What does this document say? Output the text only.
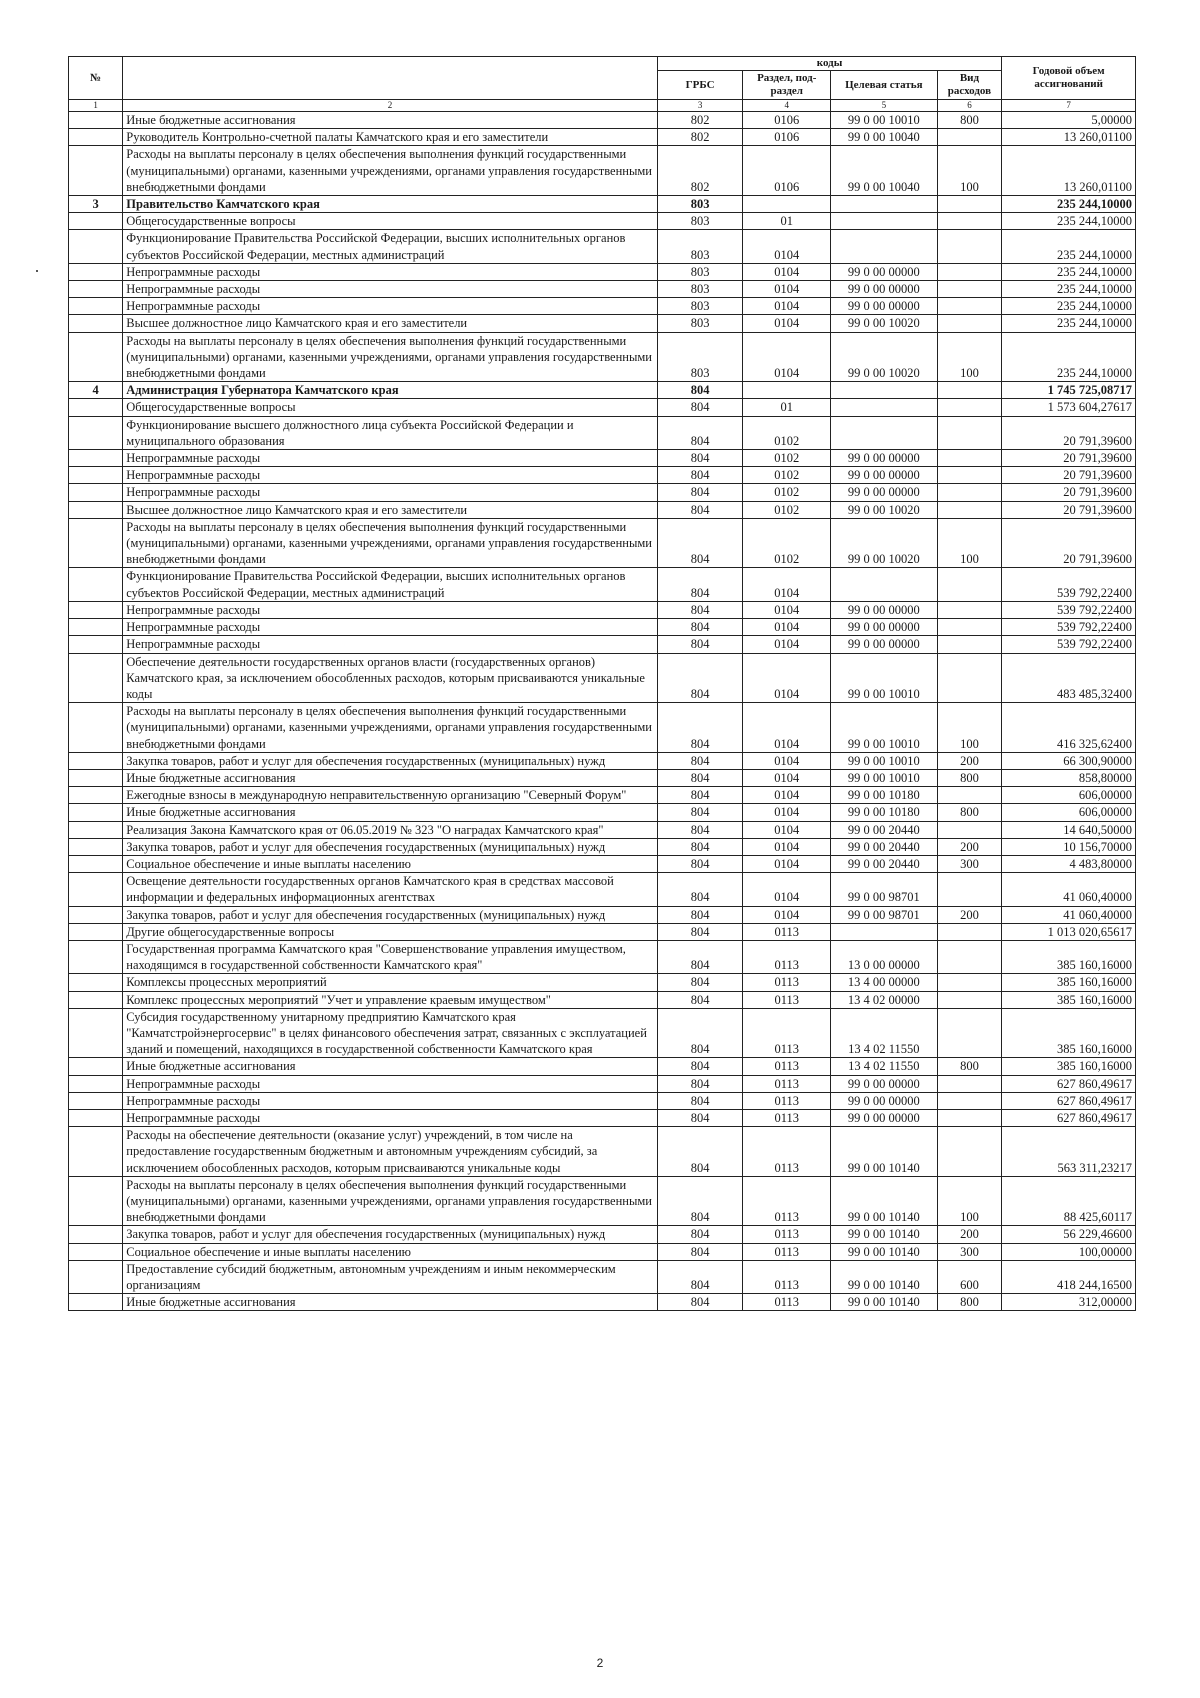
№		коды				Годовой объем ассигнований
		ГРБС	Раздел, под-раздел	Целевая статья	Вид расходов	
1	2	3	4	5	6	7
	Иные бюджетные ассигнования	802	0106	99 0 00 10010	800	5,00000
	Руководитель Контрольно-счетной палаты Камчатского края и его заместители	802	0106	99 0 00 10040		13 260,01100
	Расходы на выплаты персоналу в целях обеспечения выполнения функций государственными (муниципальными) органами, казенными учреждениями, органами управления государственными внебюджетными фондами	802	0106	99 0 00 10040	100	13 260,01100
3	Правительство Камчатского края	803				235 244,10000
	Общегосударственные вопросы	803	01			235 244,10000
	Функционирование Правительства Российской Федерации, высших исполнительных органов субъектов Российской Федерации, местных администраций	803	0104			235 244,10000
	Непрограммные расходы	803	0104	99 0 00 00000		235 244,10000
	Непрограммные расходы	803	0104	99 0 00 00000		235 244,10000
	Непрограммные расходы	803	0104	99 0 00 00000		235 244,10000
	Высшее должностное лицо Камчатского края и его заместители	803	0104	99 0 00 10020		235 244,10000
	Расходы на выплаты персоналу в целях обеспечения выполнения функций государственными (муниципальными) органами, казенными учреждениями, органами управления государственными внебюджетными фондами	803	0104	99 0 00 10020	100	235 244,10000
4	Администрация Губернатора Камчатского края	804				1 745 725,08717
	Общегосударственные вопросы	804	01			1 573 604,27617
	Функционирование высшего должностного лица субъекта Российской Федерации и муниципального образования	804	0102			20 791,39600
	Непрограммные расходы	804	0102	99 0 00 00000		20 791,39600
	Непрограммные расходы	804	0102	99 0 00 00000		20 791,39600
	Непрограммные расходы	804	0102	99 0 00 00000		20 791,39600
	Высшее должностное лицо Камчатского края и его заместители	804	0102	99 0 00 10020		20 791,39600
	Расходы на выплаты персоналу в целях обеспечения выполнения функций государственными (муниципальными) органами, казенными учреждениями, органами управления государственными внебюджетными фондами	804	0102	99 0 00 10020	100	20 791,39600
	Функционирование Правительства Российской Федерации, высших исполнительных органов субъектов Российской Федерации, местных администраций	804	0104			539 792,22400
	Непрограммные расходы	804	0104	99 0 00 00000		539 792,22400
	Непрограммные расходы	804	0104	99 0 00 00000		539 792,22400
	Непрограммные расходы	804	0104	99 0 00 00000		539 792,22400
	Обеспечение деятельности государственных органов власти (государственных органов) Камчатского края, за исключением обособленных расходов, которым присваиваются уникальные коды	804	0104	99 0 00 10010		483 485,32400
	Расходы на выплаты персоналу в целях обеспечения выполнения функций государственными (муниципальными) органами, казенными учреждениями, органами управления государственными внебюджетными фондами	804	0104	99 0 00 10010	100	416 325,62400
	Закупка товаров, работ и услуг для обеспечения государственных (муниципальных) нужд	804	0104	99 0 00 10010	200	66 300,90000
	Иные бюджетные ассигнования	804	0104	99 0 00 10010	800	858,80000
	Ежегодные взносы в международную неправительственную организацию "Северный Форум"	804	0104	99 0 00 10180		606,00000
	Иные бюджетные ассигнования	804	0104	99 0 00 10180	800	606,00000
	Реализация Закона Камчатского края от 06.05.2019 № 323 "О наградах Камчатского края"	804	0104	99 0 00 20440		14 640,50000
	Закупка товаров, работ и услуг для обеспечения государственных (муниципальных) нужд	804	0104	99 0 00 20440	200	10 156,70000
	Социальное обеспечение и иные выплаты населению	804	0104	99 0 00 20440	300	4 483,80000
	Освещение деятельности государственных органов Камчатского края в средствах массовой информации и федеральных информационных агентствах	804	0104	99 0 00 98701		41 060,40000
	Закупка товаров, работ и услуг для обеспечения государственных (муниципальных) нужд	804	0104	99 0 00 98701	200	41 060,40000
	Другие общегосударственные вопросы	804	0113			1 013 020,65617
	Государственная программа Камчатского края "Совершенствование управления имуществом, находящимся в государственной собственности Камчатского края"	804	0113	13 0 00 00000		385 160,16000
	Комплексы процессных мероприятий	804	0113	13 4 00 00000		385 160,16000
	Комплекс процессных мероприятий "Учет и управление краевым имуществом"	804	0113	13 4 02 00000		385 160,16000
	Субсидия государственному унитарному предприятию Камчатского края "Камчатстройэнергосервис" в целях финансового обеспечения затрат, связанных с эксплуатацией зданий и помещений, находящихся в государственной собственности Камчатского края	804	0113	13 4 02 11550		385 160,16000
	Иные бюджетные ассигнования	804	0113	13 4 02 11550	800	385 160,16000
	Непрограммные расходы	804	0113	99 0 00 00000		627 860,49617
	Непрограммные расходы	804	0113	99 0 00 00000		627 860,49617
	Непрограммные расходы	804	0113	99 0 00 00000		627 860,49617
	Расходы на обеспечение деятельности (оказание услуг) учреждений, в том числе на предоставление государственным бюджетным и автономным учреждениям субсидий, за исключением обособленных расходов, которым присваиваются уникальные коды	804	0113	99 0 00 10140		563 311,23217
	Расходы на выплаты персоналу в целях обеспечения выполнения функций государственными (муниципальными) органами, казенными учреждениями, органами управления государственными внебюджетными фондами	804	0113	99 0 00 10140	100	88 425,60117
	Закупка товаров, работ и услуг для обеспечения государственных (муниципальных) нужд	804	0113	99 0 00 10140	200	56 229,46600
	Социальное обеспечение и иные выплаты населению	804	0113	99 0 00 10140	300	100,00000
	Предоставление субсидий бюджетным, автономным учреждениям и иным некоммерческим организациям	804	0113	99 0 00 10140	600	418 244,16500
	Иные бюджетные ассигнования	804	0113	99 0 00 10140	800	312,00000
2
